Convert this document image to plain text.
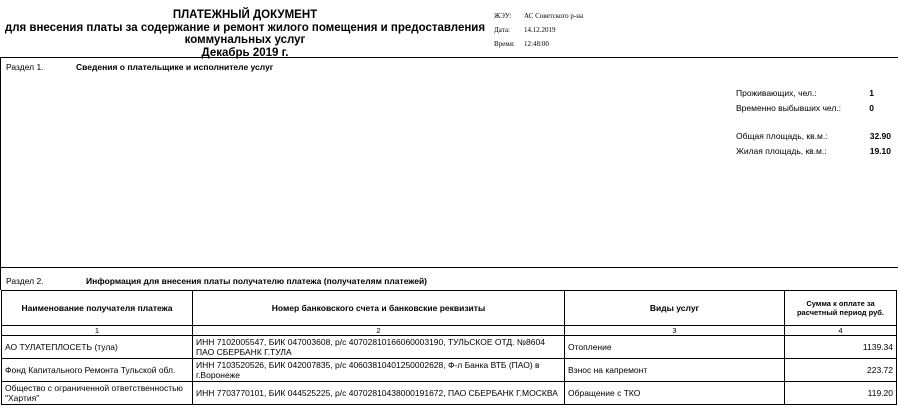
ПЛАТЕЖНЫЙ ДОКУМЕНТ
для внесения платы за содержание и ремонт жилого помещения и предоставления
коммунальных услуг
Декабрь 2019 г.
ЖЭУ:	АС Советского р-на
Дата:	14.12.2019
Время:	12:48:00
Раздел 1.	Сведения о плательщике и исполнителе услуг
Проживающих, чел.:	1
Временно выбывших чел.:	0
Общая площадь, кв.м.:	32.90
Жилая площадь, кв.м.:	19.10
Раздел 2.	Информация для внесения платы получателю платежа (получателям платежей)
Наименование получателя платежа	Номер банковского счета и банковские реквизиты	Виды услуг	Сумма к оплате за расчетный период руб.
1	2	3	4
АО ТУЛАТЕПЛОСЕТЬ (тула)	ИНН 7102005547, БИК 047003608, р/с 40702810166060003190, ТУЛЬСКОЕ ОТД. №8604 ПАО СБЕРБАНК Г.ТУЛА	Отопление	1139.34
Фонд Капитального Ремонта Тульской обл.	ИНН 7103520526, БИК 042007835, р/с 40603810401250002628, Ф-л Банка ВТБ (ПАО) в г.Воронеже	Взнос на капремонт	223.72
Общество с ограниченной ответственностью "Хартия"	ИНН 7703770101, БИК 044525225, р/с 40702810438000191672, ПАО СБЕРБАНК Г.МОСКВА	Обращение с ТКО	119.20
